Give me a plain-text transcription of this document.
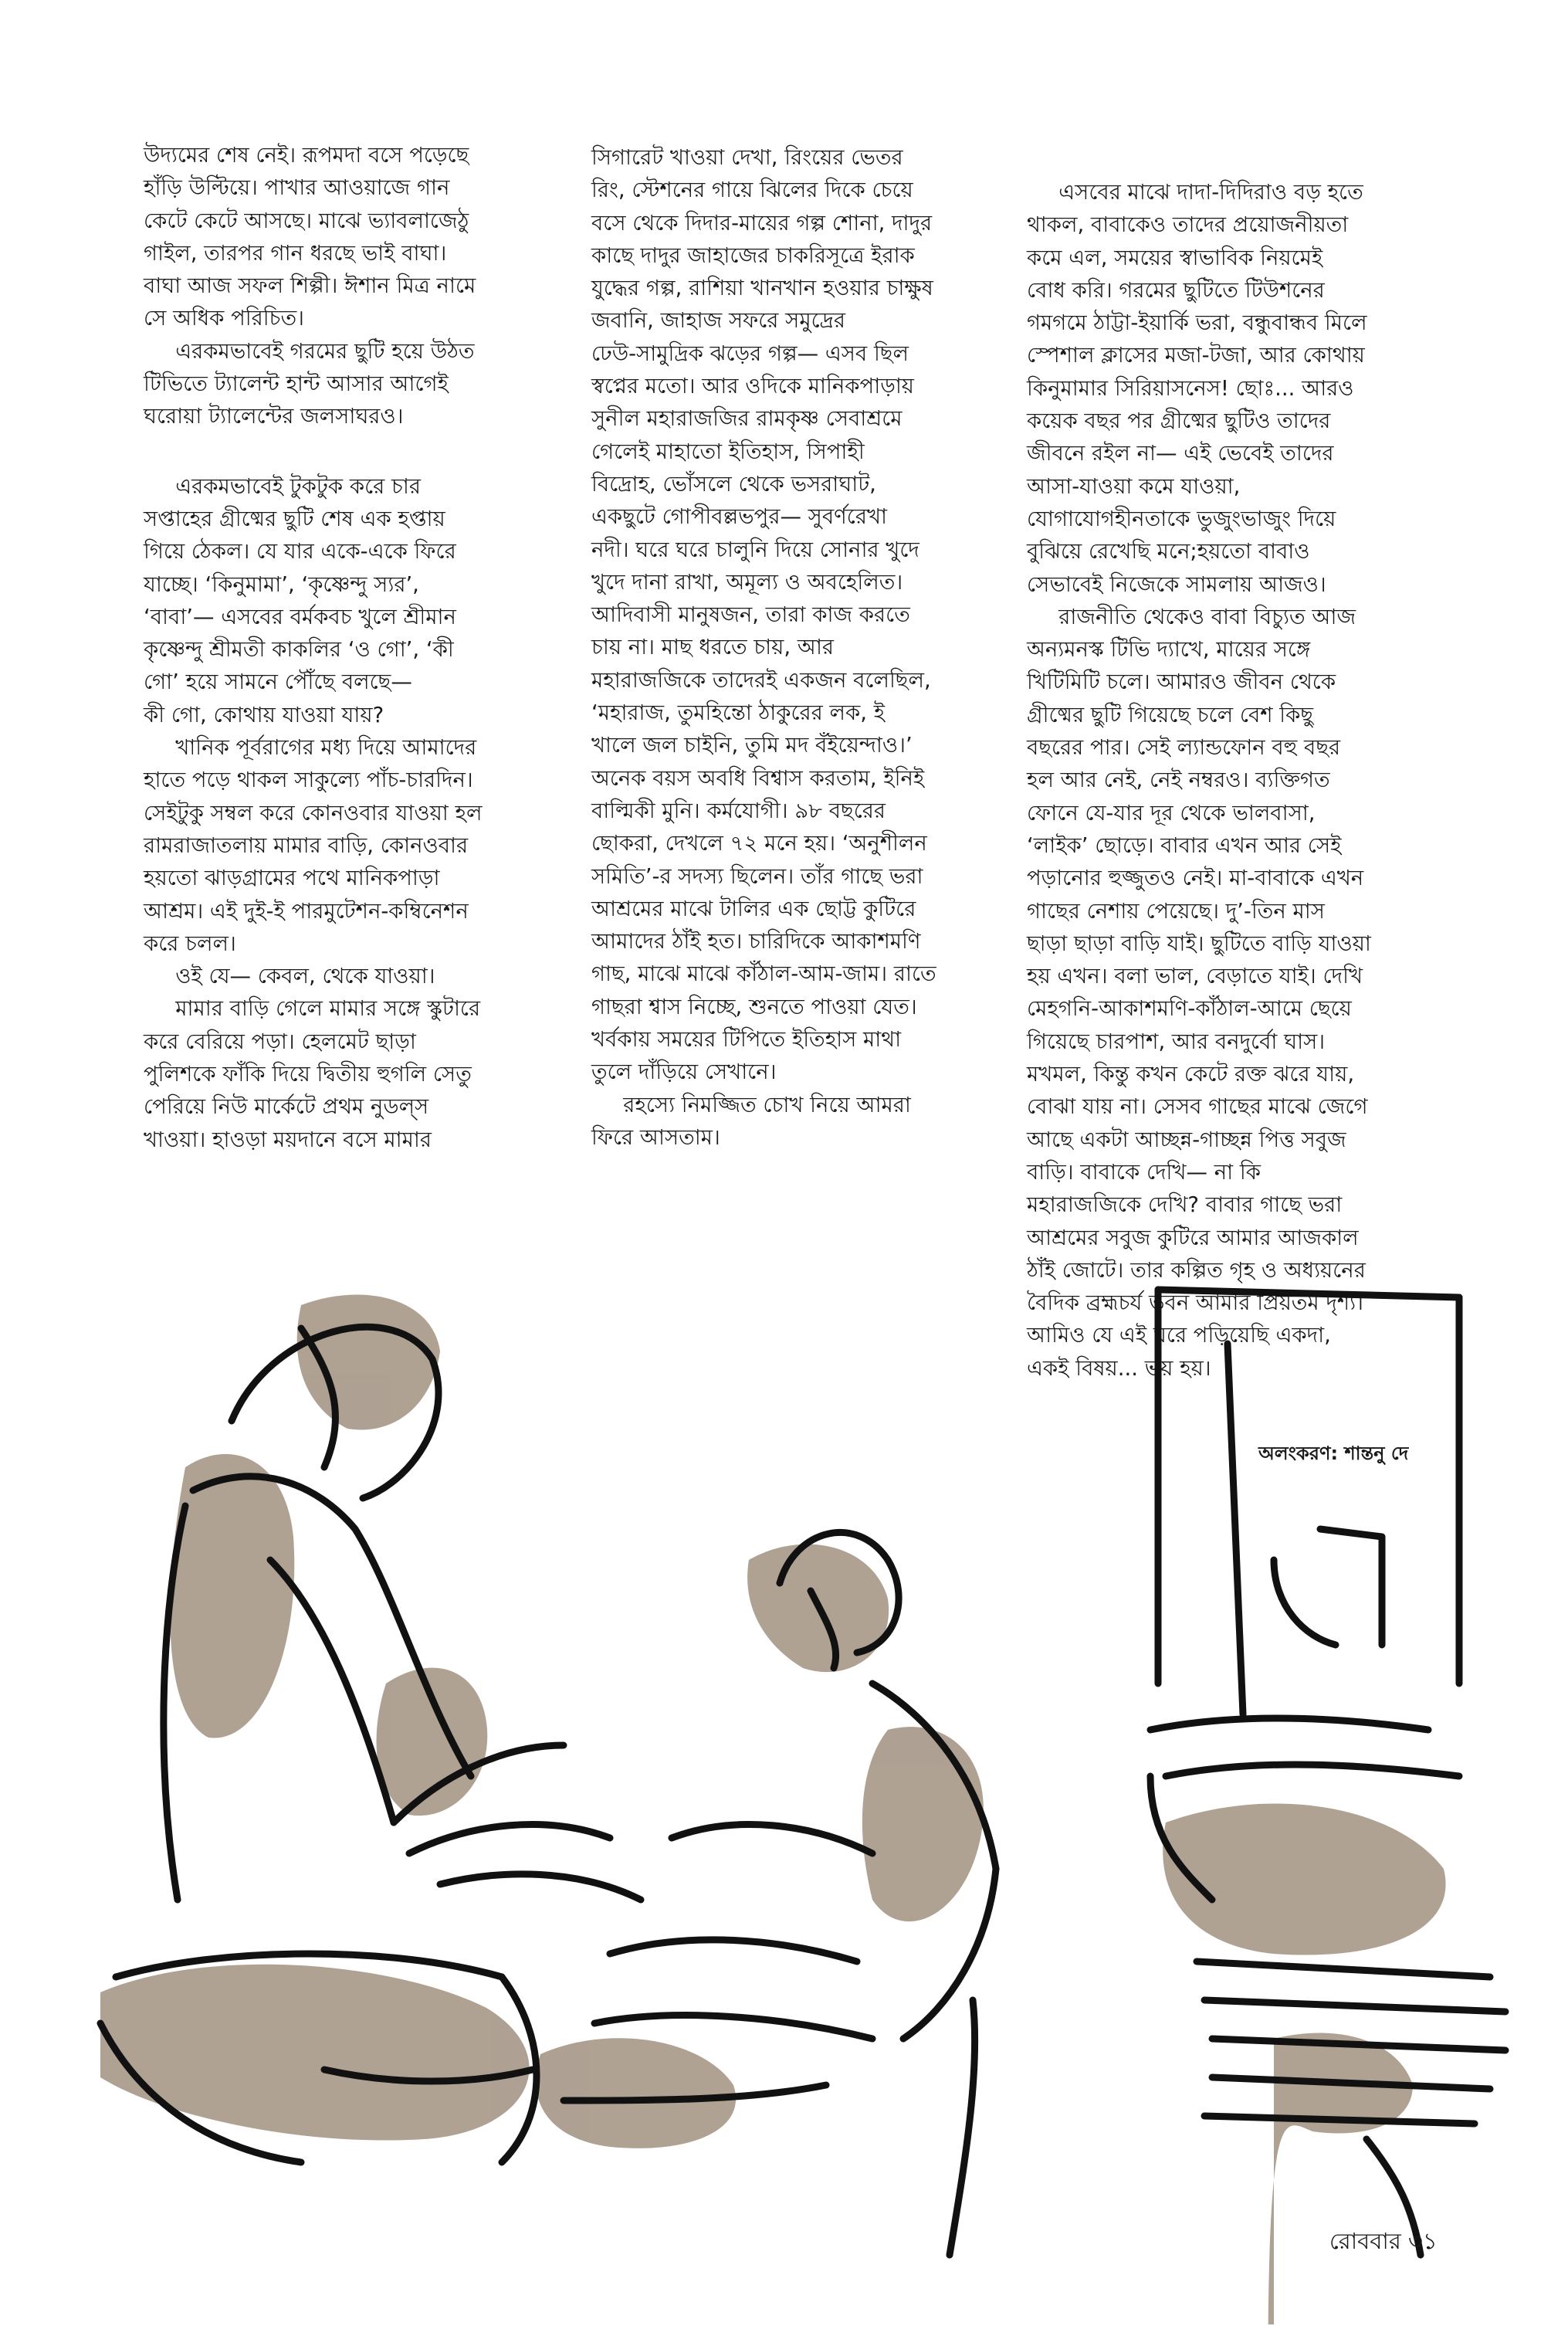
উদ্যমের শেষ নেই। রূপমদা বসে পড়েছে

হাঁড়ি উল্টিয়ে। পাখার আওয়াজে গান

কেটে কেটে আসছে। মাঝে ভ্যাবলাজেঠু

গাইল, তারপর গান ধরছে ভাই বাঘা।

বাঘা আজ সফল শিল্পী। ঈশান মিত্র নামে

সে অধিক পরিচিত।

  এরকমভাবেই গরমের ছুটি হয়ে উঠত

টিভিতে ট্যালেন্ট হান্ট আসার আগেই

ঘরোয়া ট্যালেন্টের জলসাঘরও।

  এরকমভাবেই টুকটুক করে চার

সপ্তাহের গ্রীষ্মের ছুটি শেষ এক হপ্তায়

গিয়ে ঠেকল। যে যার একে-একে ফিরে

যাচ্ছে। ‘কিনুমামা’, ‘কৃষ্ণেন্দু স্যর’,

‘বাবা’— এসবের বর্মকবচ খুলে শ্রীমান

কৃষ্ণেন্দু শ্রীমতী কাকলির ‘ও গো’, ‘কী

গো’ হয়ে সামনে পৌঁছে বলছে—

কী গো, কোথায় যাওয়া যায়?

  খানিক পূর্বরাগের মধ্য দিয়ে আমাদের

হাতে পড়ে থাকল সাকুল্যে পাঁচ-চারদিন।

সেইটুকু সম্বল করে কোনওবার যাওয়া হল

রামরাজাতলায় মামার বাড়ি, কোনওবার

হয়তো ঝাড়গ্রামের পথে মানিকপাড়া

আশ্রম। এই দুই-ই পারমুটেশন-কম্বিনেশন

করে চলল।

  ওই যে— কেবল, থেকে যাওয়া।

  মামার বাড়ি গেলে মামার সঙ্গে স্কুটারে

করে বেরিয়ে পড়া। হেলমেট ছাড়া

পুলিশকে ফাঁকি দিয়ে দ্বিতীয় হুগলি সেতু

পেরিয়ে নিউ মার্কেটে প্রথম নুডল্‌স

খাওয়া। হাওড়া ময়দানে বসে মামার

সিগারেট খাওয়া দেখা, রিংয়ের ভেতর

রিং, স্টেশনের গায়ে ঝিলের দিকে চেয়ে

বসে থেকে দিদার-মায়ের গল্প শোনা, দাদুর

কাছে দাদুর জাহাজের চাকরিসূত্রে ইরাক

যুদ্ধের গল্প, রাশিয়া খানখান হওয়ার চাক্ষুষ

জবানি, জাহাজ সফরে সমুদ্রের

ঢেউ-সামুদ্রিক ঝড়ের গল্প— এসব ছিল

স্বপ্নের মতো। আর ওদিকে মানিকপাড়ায়

সুনীল মহারাজজির রামকৃষ্ণ সেবাশ্রমে

গেলেই মাহাতো ইতিহাস, সিপাহী

বিদ্রোহ, ভোঁসলে থেকে ভসরাঘাট,

একছুটে গোপীবল্লভপুর— সুবর্ণরেখা

নদী। ঘরে ঘরে চালুনি দিয়ে সোনার খুদে

খুদে দানা রাখা, অমূল্য ও অবহেলিত।

আদিবাসী মানুষজন, তারা কাজ করতে

চায় না। মাছ ধরতে চায়, আর

মহারাজজিকে তাদেরই একজন বলেছিল,

‘মহারাজ, তুমহিন্তো ঠাকুরের লক, ই

খালে জল চাইনি, তুমি মদ বঁইয়েন্দাও।’

অনেক বয়স অবধি বিশ্বাস করতাম, ইনিই

বাল্মিকী মুনি। কর্মযোগী। ৯৮ বছরের

ছোকরা, দেখলে ৭২ মনে হয়। ‘অনুশীলন

সমিতি’-র সদস্য ছিলেন। তাঁর গাছে ভরা

আশ্রমের মাঝে টালির এক ছোট্ট কুটিরে

আমাদের ঠাঁই হত। চারিদিকে আকাশমণি

গাছ, মাঝে মাঝে কাঁঠাল-আম-জাম। রাতে

গাছরা শ্বাস নিচ্ছে, শুনতে পাওয়া যেত।

খর্বকায় সময়ের টিপিতে ইতিহাস মাথা

তুলে দাঁড়িয়ে সেখানে।

  রহস্যে নিমজ্জিত চোখ নিয়ে আমরা

ফিরে আসতাম।

  এসবের মাঝে দাদা-দিদিরাও বড় হতে

থাকল, বাবাকেও তাদের প্রয়োজনীয়তা

কমে এল, সময়ের স্বাভাবিক নিয়মেই

বোধ করি। গরমের ছুটিতে টিউশনের

গমগমে ঠাট্টা-ইয়ার্কি ভরা, বন্ধুবান্ধব মিলে

স্পেশাল ক্লাসের মজা-টজা, আর কোথায়

কিনুমামার সিরিয়াসনেস! ছোঃ... আরও

কয়েক বছর পর গ্রীষ্মের ছুটিও তাদের

জীবনে রইল না— এই ভেবেই তাদের

আসা-যাওয়া কমে যাওয়া,

যোগাযোগহীনতাকে ভুজুংভাজুং দিয়ে

বুঝিয়ে রেখেছি মনে;হয়তো বাবাও

সেভাবেই নিজেকে সামলায় আজও।

  রাজনীতি থেকেও বাবা বিচ্যুত আজ

অন্যমনস্ক টিভি দ্যাখে, মায়ের সঙ্গে

খিটিমিটি চলে। আমারও জীবন থেকে

গ্রীষ্মের ছুটি গিয়েছে চলে বেশ কিছু

বছরের পার। সেই ল্যান্ডফোন বহু বছর

হল আর নেই, নেই নম্বরও। ব্যক্তিগত

ফোনে যে-যার দূর থেকে ভালবাসা,

‘লাইক’ ছোড়ে। বাবার এখন আর সেই

পড়ানোর হুজ্জুতও নেই। মা-বাবাকে এখন

গাছের নেশায় পেয়েছে। দু’-তিন মাস

ছাড়া ছাড়া বাড়ি যাই। ছুটিতে বাড়ি যাওয়া

হয় এখন। বলা ভাল, বেড়াতে যাই। দেখি

মেহগনি-আকাশমণি-কাঁঠাল-আমে ছেয়ে

গিয়েছে চারপাশ, আর বনদুর্বো ঘাস।

মখমল, কিন্তু কখন কেটে রক্ত ঝরে যায়,

বোঝা যায় না। সেসব গাছের মাঝে জেগে

আছে একটা আচ্ছন্ন-গাচ্ছন্ন পিত্ত সবুজ

বাড়ি। বাবাকে দেখি— না কি

মহারাজজিকে দেখি? বাবার গাছে ভরা

আশ্রমের সবুজ কুটিরে আমার আজকাল

ঠাঁই জোটে। তার কল্পিত গৃহ ও অধ্যয়নের

বৈদিক ব্রহ্মচর্য ভবন আমার প্রিয়তম দৃশ্য।

আমিও যে এই ঘরে পড়িয়েছি একদা,

একই বিষয়... ভয় হয়।

অলংকরণ: শান্তনু দে
রোববার ৩১
